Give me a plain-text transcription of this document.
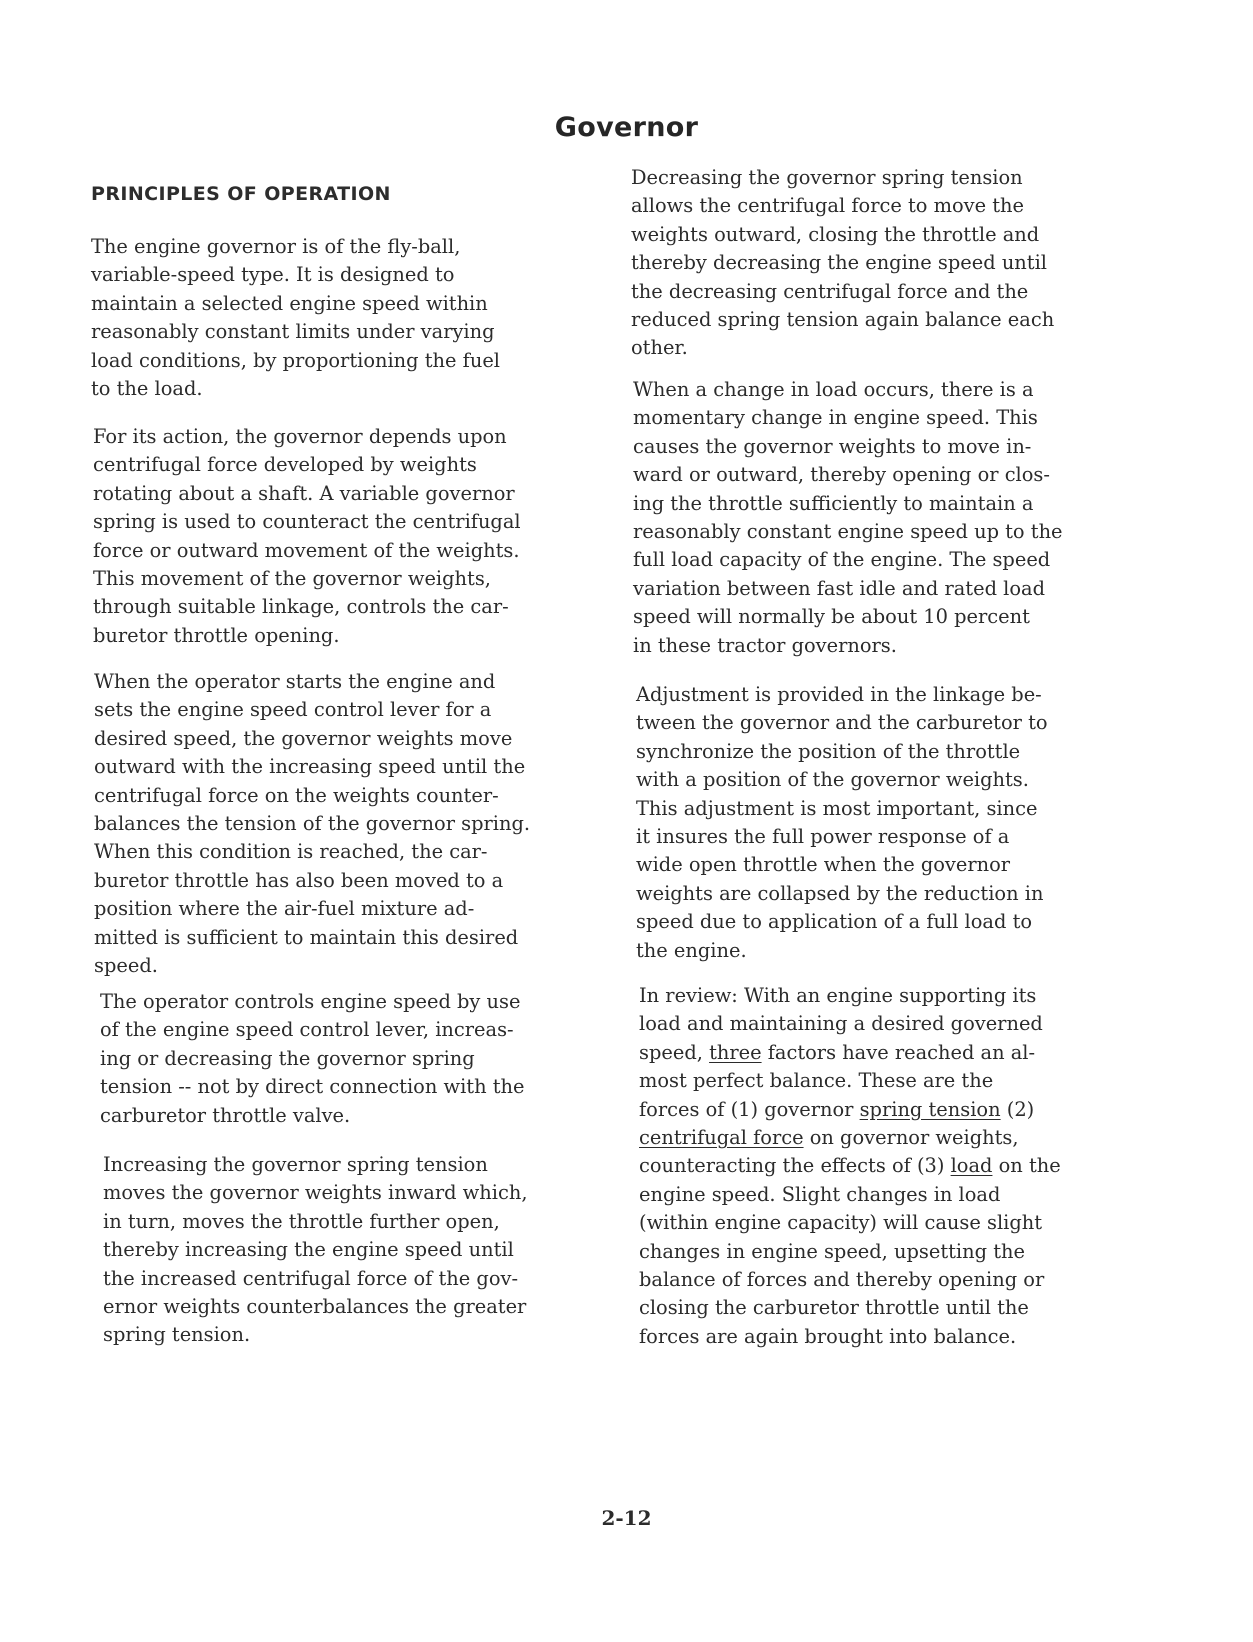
Governor
PRINCIPLES OF OPERATION
The engine governor is of the fly-ball,
variable-speed type. It is designed to
maintain a selected engine speed within
reasonably constant limits under varying
load conditions, by proportioning the fuel
to the load.
For its action, the governor depends upon
centrifugal force developed by weights
rotating about a shaft. A variable governor
spring is used to counteract the centrifugal
force or outward movement of the weights.
This movement of the governor weights,
through suitable linkage, controls the car-
buretor throttle opening.
When the operator starts the engine and
sets the engine speed control lever for a
desired speed, the governor weights move
outward with the increasing speed until the
centrifugal force on the weights counter-
balances the tension of the governor spring.
When this condition is reached, the car-
buretor throttle has also been moved to a
position where the air-fuel mixture ad-
mitted is sufficient to maintain this desired
speed.
The operator controls engine speed by use
of the engine speed control lever, increas-
ing or decreasing the governor spring
tension -- not by direct connection with the
carburetor throttle valve.
Increasing the governor spring tension
moves the governor weights inward which,
in turn, moves the throttle further open,
thereby increasing the engine speed until
the increased centrifugal force of the gov-
ernor weights counterbalances the greater
spring tension.
Decreasing the governor spring tension
allows the centrifugal force to move the
weights outward, closing the throttle and
thereby decreasing the engine speed until
the decreasing centrifugal force and the
reduced spring tension again balance each
other.
When a change in load occurs, there is a
momentary change in engine speed. This
causes the governor weights to move in-
ward or outward, thereby opening or clos-
ing the throttle sufficiently to maintain a
reasonably constant engine speed up to the
full load capacity of the engine. The speed
variation between fast idle and rated load
speed will normally be about 10 percent
in these tractor governors.
Adjustment is provided in the linkage be-
tween the governor and the carburetor to
synchronize the position of the throttle
with a position of the governor weights.
This adjustment is most important, since
it insures the full power response of a
wide open throttle when the governor
weights are collapsed by the reduction in
speed due to application of a full load to
the engine.
In review: With an engine supporting its
load and maintaining a desired governed
speed, three factors have reached an al-
most perfect balance. These are the
forces of (1) governor spring tension (2)
centrifugal force on governor weights,
counteracting the effects of (3) load on the
engine speed. Slight changes in load
(within engine capacity) will cause slight
changes in engine speed, upsetting the
balance of forces and thereby opening or
closing the carburetor throttle until the
forces are again brought into balance.
2-12
